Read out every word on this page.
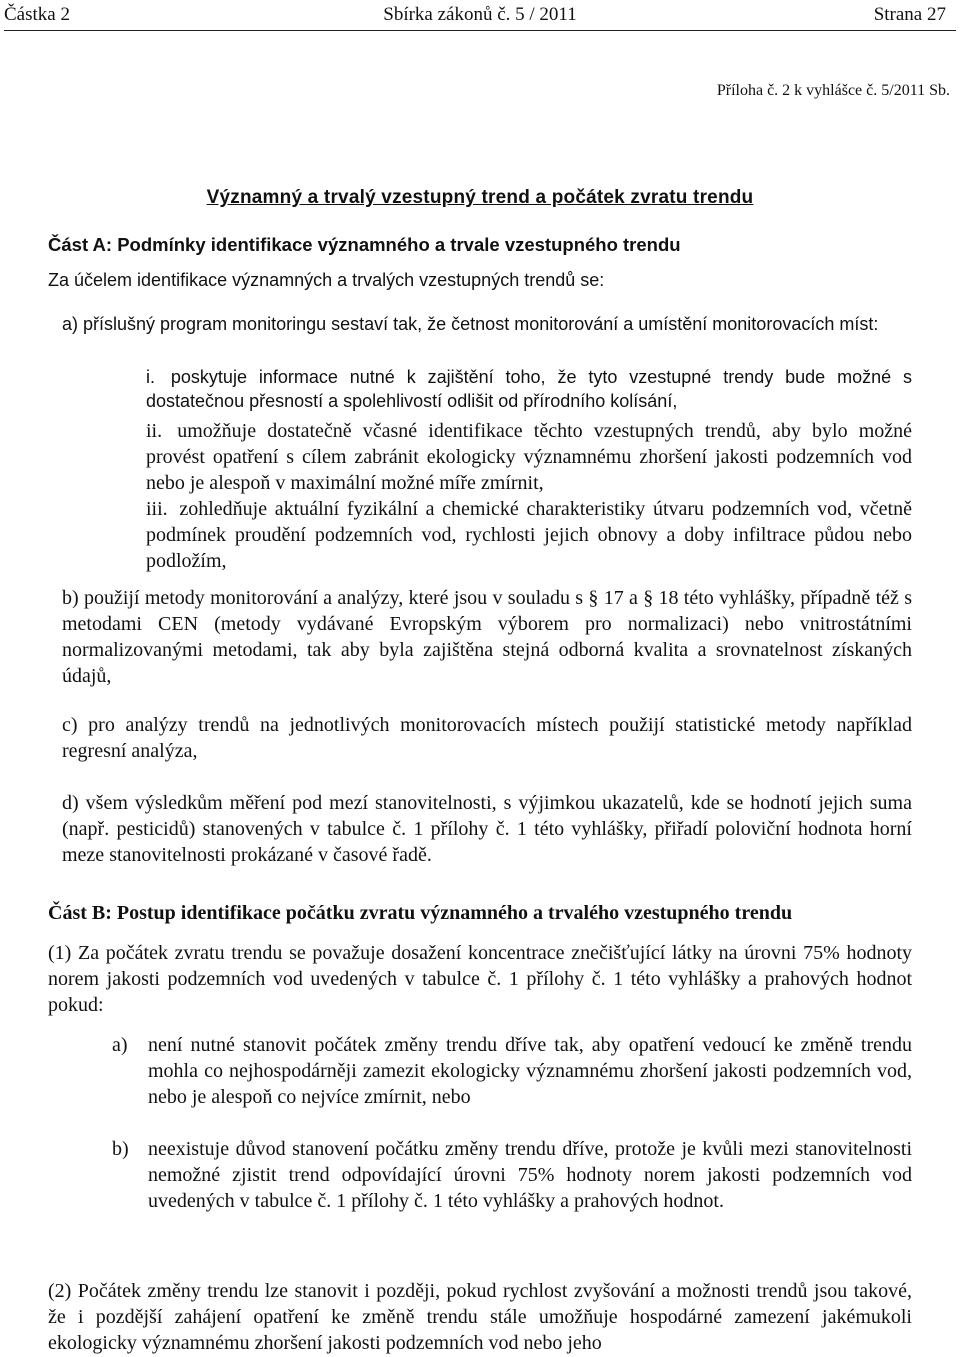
Částka 2	Sbírka zákonů č. 5 / 2011	Strana 27
Příloha č. 2 k vyhlášce č. 5/2011 Sb.
Významný a trvalý vzestupný trend a počátek zvratu trendu
Část A: Podmínky identifikace významného a trvale vzestupného trendu
Za účelem identifikace významných a trvalých vzestupných trendů se:
a) příslušný program monitoringu sestaví tak, že četnost monitorování a umístění monitorovacích míst:
i. poskytuje informace nutné k zajištění toho, že tyto vzestupné trendy bude možné s dostatečnou přesností a spolehlivostí odlišit od přírodního kolísání,
ii. umožňuje dostatečně včasné identifikace těchto vzestupných trendů, aby bylo možné provést opatření s cílem zabránit ekologicky významnému zhoršení jakosti podzemních vod nebo je alespoň v maximální možné míře zmírnit,
iii. zohledňuje aktuální fyzikální a chemické charakteristiky útvaru podzemních vod, včetně podmínek proudění podzemních vod, rychlosti jejich obnovy a doby infiltrace půdou nebo podložím,
b) použijí metody monitorování a analýzy, které jsou v souladu s § 17 a § 18 této vyhlášky, případně též s metodami CEN (metody vydávané Evropským výborem pro normalizaci) nebo vnitrostátními normalizovanými metodami, tak aby byla zajištěna stejná odborná kvalita a srovnatelnost získaných údajů,
c) pro analýzy trendů na jednotlivých monitorovacích místech použijí statistické metody například regresní analýza,
d) všem výsledkům měření pod mezí stanovitelnosti, s výjimkou ukazatelů, kde se hodnotí jejich suma (např. pesticidů) stanovených v tabulce č. 1 přílohy č. 1 této vyhlášky, přiřadí poloviční hodnota horní meze stanovitelnosti prokázané v časové řadě.
Část B: Postup identifikace počátku zvratu významného a trvalého vzestupného trendu
(1) Za počátek zvratu trendu se považuje dosažení koncentrace znečišťující látky na úrovni 75% hodnoty norem jakosti podzemních vod uvedených v tabulce č. 1 přílohy č. 1 této vyhlášky a prahových hodnot pokud:
a)	není nutné stanovit počátek změny trendu dříve tak, aby opatření vedoucí ke změně trendu mohla co nejhospodárněji zamezit ekologicky významnému zhoršení jakosti podzemních vod, nebo je alespoň co nejvíce zmírnit, nebo
b) neexistuje důvod stanovení počátku změny trendu dříve, protože je kvůli mezi stanovitelnosti nemožné zjistit trend odpovídající úrovni 75% hodnoty norem jakosti podzemních vod uvedených v tabulce č. 1 přílohy č. 1 této vyhlášky a prahových hodnot.
(2) Počátek změny trendu lze stanovit i později, pokud rychlost zvyšování a možnosti trendů jsou takové, že i pozdější zahájení opatření ke změně trendu stále umožňuje hospodárné zamezení jakémukoli ekologicky významnému zhoršení jakosti podzemních vod nebo jeho
